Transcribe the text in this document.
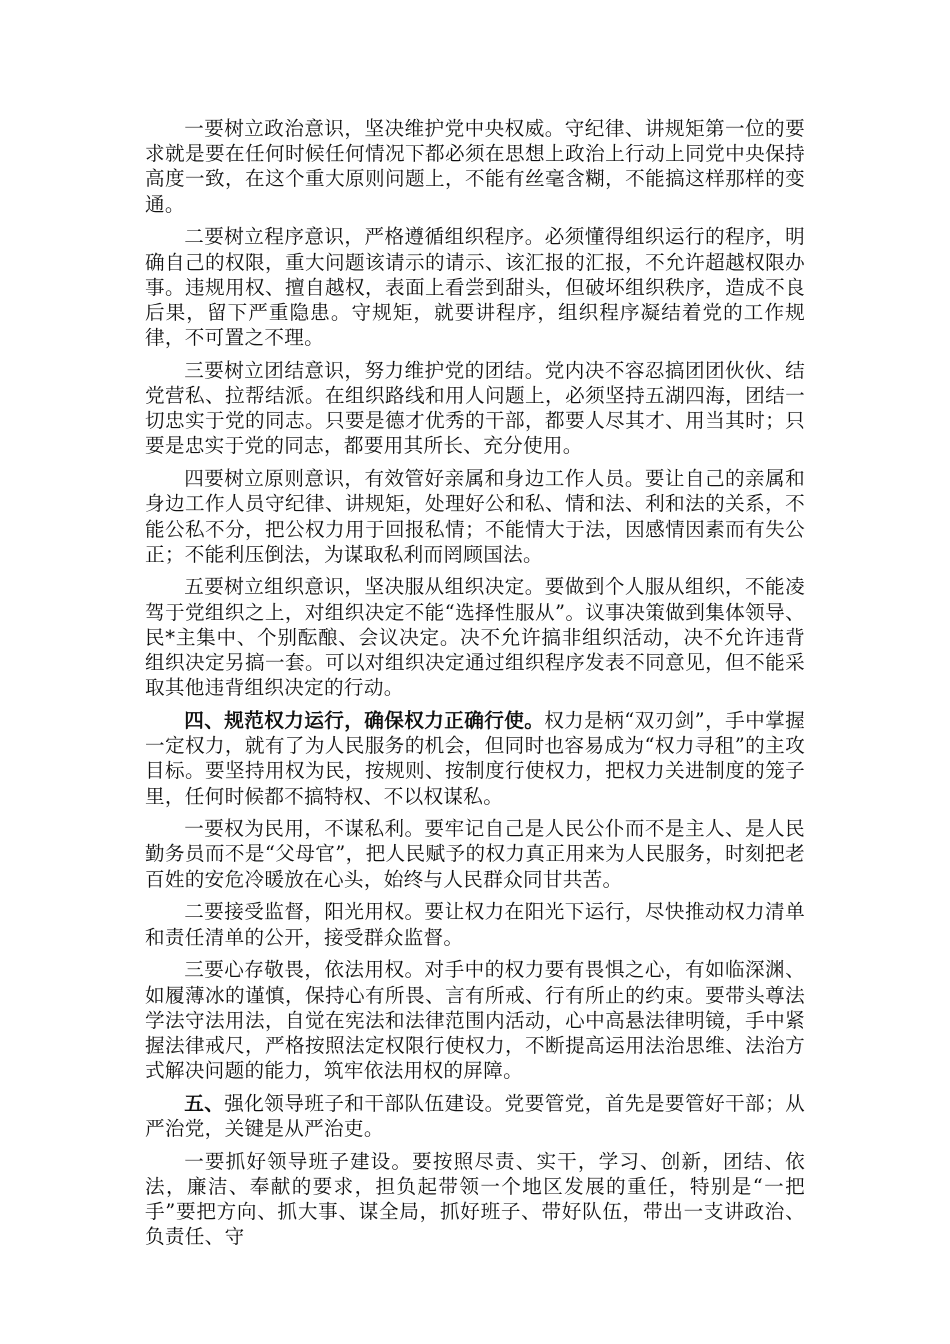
一要树立政治意识，坚决维护党中央权威。守纪律、讲规矩第一位的要求就是要在任何时候任何情况下都必须在思想上政治上行动上同党中央保持高度一致，在这个重大原则问题上，不能有丝毫含糊，不能搞这样那样的变通。

二要树立程序意识，严格遵循组织程序。必须懂得组织运行的程序，明确自己的权限，重大问题该请示的请示、该汇报的汇报，不允许超越权限办事。违规用权、擅自越权，表面上看尝到甜头，但破坏组织秩序，造成不良后果，留下严重隐患。守规矩，就要讲程序，组织程序凝结着党的工作规律，不可置之不理。

三要树立团结意识，努力维护党的团结。党内决不容忍搞团团伙伙、结党营私、拉帮结派。在组织路线和用人问题上，必须坚持五湖四海，团结一切忠实于党的同志。只要是德才优秀的干部，都要人尽其才、用当其时；只要是忠实于党的同志，都要用其所长、充分使用。

四要树立原则意识，有效管好亲属和身边工作人员。要让自己的亲属和身边工作人员守纪律、讲规矩，处理好公和私、情和法、利和法的关系，不能公私不分，把公权力用于回报私情；不能情大于法，因感情因素而有失公正；不能利压倒法，为谋取私利而罔顾国法。

五要树立组织意识，坚决服从组织决定。要做到个人服从组织，不能凌驾于党组织之上，对组织决定不能“选择性服从”。议事决策做到集体领导、民*主集中、个别酝酿、会议决定。决不允许搞非组织活动，决不允许违背组织决定另搞一套。可以对组织决定通过组织程序发表不同意见，但不能采取其他违背组织决定的行动。

四、规范权力运行，确保权力正确行使。权力是柄“双刃剑”，手中掌握一定权力，就有了为人民服务的机会，但同时也容易成为“权力寻租”的主攻目标。要坚持用权为民，按规则、按制度行使权力，把权力关进制度的笼子里，任何时候都不搞特权、不以权谋私。

一要权为民用，不谋私利。要牢记自己是人民公仆而不是主人、是人民勤务员而不是“父母官”，把人民赋予的权力真正用来为人民服务，时刻把老百姓的安危冷暖放在心头，始终与人民群众同甘共苦。

二要接受监督，阳光用权。要让权力在阳光下运行，尽快推动权力清单和责任清单的公开，接受群众监督。

三要心存敬畏，依法用权。对手中的权力要有畏惧之心，有如临深渊、如履薄冰的谨慎，保持心有所畏、言有所戒、行有所止的约束。要带头尊法学法守法用法，自觉在宪法和法律范围内活动，心中高悬法律明镜，手中紧握法律戒尺，严格按照法定权限行使权力，不断提高运用法治思维、法治方式解决问题的能力，筑牢依法用权的屏障。

五、强化领导班子和干部队伍建设。党要管党，首先是要管好干部；从严治党，关键是从严治吏。

一要抓好领导班子建设。要按照尽责、实干，学习、创新，团结、依法，廉洁、奉献的要求，担负起带领一个地区发展的重任，特别是“一把手”要把方向、抓大事、谋全局，抓好班子、带好队伍，带出一支讲政治、负责任、守
